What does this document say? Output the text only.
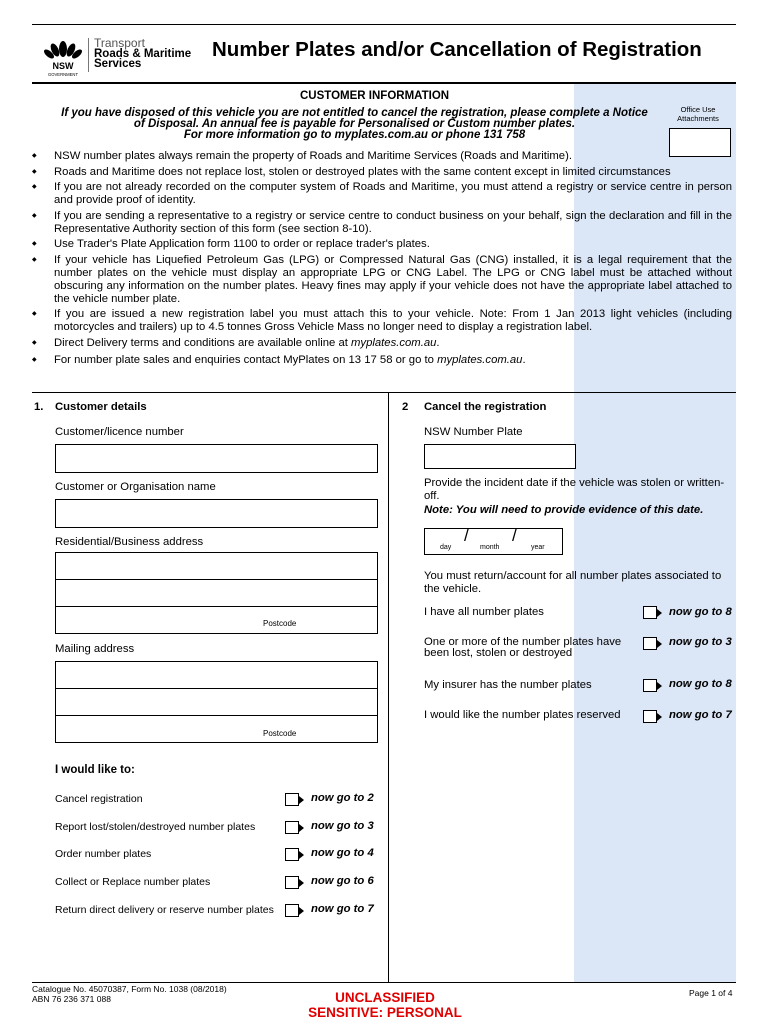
NSW
GOVERNMENT
Transport
Roads & Maritime
Services
Number Plates and/or Cancellation of Registration
CUSTOMER INFORMATION
If you have disposed of this vehicle you are not entitled to cancel the registration, please complete a Notice
of Disposal. An annual fee is payable for Personalised or Custom number plates.
For more information go to myplates.com.au or phone 131 758
Office Use
Attachments
◆ NSW number plates always remain the property of Roads and Maritime Services (Roads and Maritime).
◆ Roads and Maritime does not replace lost, stolen or destroyed plates with the same content except in limited circumstances
◆ If you are not already recorded on the computer system of Roads and Maritime, you must attend a registry or service centre in person and provide proof of identity.
◆ If you are sending a representative to a registry or service centre to conduct business on your behalf, sign the declaration and fill in the Representative Authority section of this form (see section 8-10).
◆ Use Trader's Plate Application form 1100 to order or replace trader's plates.
◆ If your vehicle has Liquefied Petroleum Gas (LPG) or Compressed Natural Gas (CNG) installed, it is a legal requirement that the number plates on the vehicle must display an appropriate LPG or CNG Label. The LPG or CNG label must be attached without obscuring any information on the number plates. Heavy fines may apply if your vehicle does not have the appropriate label attached to the vehicle number plate.
◆ If you are issued a new registration label you must attach this to your vehicle. Note: From 1 Jan 2013 light vehicles (including motorcycles and trailers) up to 4.5 tonnes Gross Vehicle Mass no longer need to display a registration label.
◆ Direct Delivery terms and conditions are available online at myplates.com.au.
◆ For number plate sales and enquiries contact MyPlates on 13 17 58 or go to myplates.com.au.
1. Customer details
Customer/licence number
Customer or Organisation name
Residential/Business address
Postcode
Mailing address
Postcode
I would like to:
Cancel registration	now go to 2
Report lost/stolen/destroyed number plates	now go to 3
Order number plates	now go to 4
Collect or Replace number plates	now go to 6
Return direct delivery or reserve number plates	now go to 7
2 Cancel the registration
NSW Number Plate
Provide the incident date if the vehicle was stolen or written-
off.
Note: You will need to provide evidence of this date.
/	/
day	month	year
You must return/account for all number plates associated to
the vehicle.
I have all number plates	now go to 8
One or more of the number plates have
been lost, stolen or destroyed
now go to 3
My insurer has the number plates	now go to 8
I would like the number plates reserved	now go to 7
Catalogue No. 45070387, Form No. 1038 (08/2018)
ABN 76 236 371 088	UNCLASSIFIED
SENSITIVE: PERSONAL
Page 1 of 4
